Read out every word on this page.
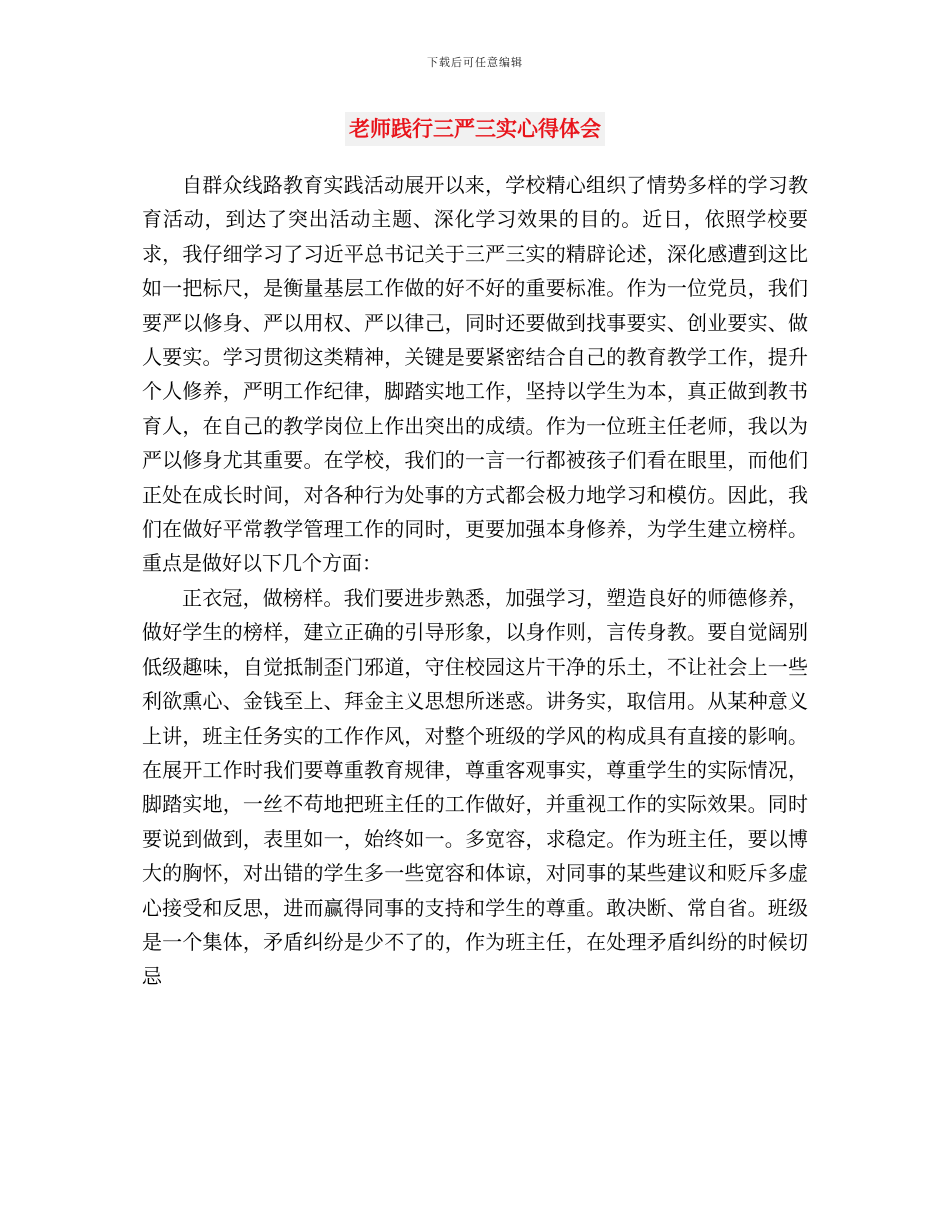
下载后可任意编辑
老师践行三严三实心得体会

自群众线路教育实践活动展开以来，学校精心组织了情势多样的学习教育活动，到达了突出活动主题、深化学习效果的目的。近日，依照学校要求，我仔细学习了习近平总书记关于三严三实的精辟论述，深化感遭到这比如一把标尺，是衡量基层工作做的好不好的重要标准。作为一位党员，我们要严以修身、严以用权、严以律己，同时还要做到找事要实、创业要实、做人要实。学习贯彻这类精神，关键是要紧密结合自己的教育教学工作，提升个人修养，严明工作纪律，脚踏实地工作，坚持以学生为本，真正做到教书育人，在自己的教学岗位上作出突出的成绩。作为一位班主任老师，我以为严以修身尤其重要。在学校，我们的一言一行都被孩子们看在眼里，而他们正处在成长时间，对各种行为处事的方式都会极力地学习和模仿。因此，我们在做好平常教学管理工作的同时，更要加强本身修养，为学生建立榜样。重点是做好以下几个方面：

正衣冠，做榜样。我们要进步熟悉，加强学习，塑造良好的师德修养，做好学生的榜样，建立正确的引导形象，以身作则，言传身教。要自觉阔别低级趣味，自觉抵制歪门邪道，守住校园这片干净的乐土，不让社会上一些利欲熏心、金钱至上、拜金主义思想所迷惑。讲务实，取信用。从某种意义上讲，班主任务实的工作作风，对整个班级的学风的构成具有直接的影响。在展开工作时我们要尊重教育规律，尊重客观事实，尊重学生的实际情况，脚踏实地，一丝不苟地把班主任的工作做好，并重视工作的实际效果。同时要说到做到，表里如一，始终如一。多宽容，求稳定。作为班主任，要以博大的胸怀，对出错的学生多一些宽容和体谅，对同事的某些建议和贬斥多虚心接受和反思，进而赢得同事的支持和学生的尊重。敢决断、常自省。班级是一个集体，矛盾纠纷是少不了的，作为班主任，在处理矛盾纠纷的时候切忌
